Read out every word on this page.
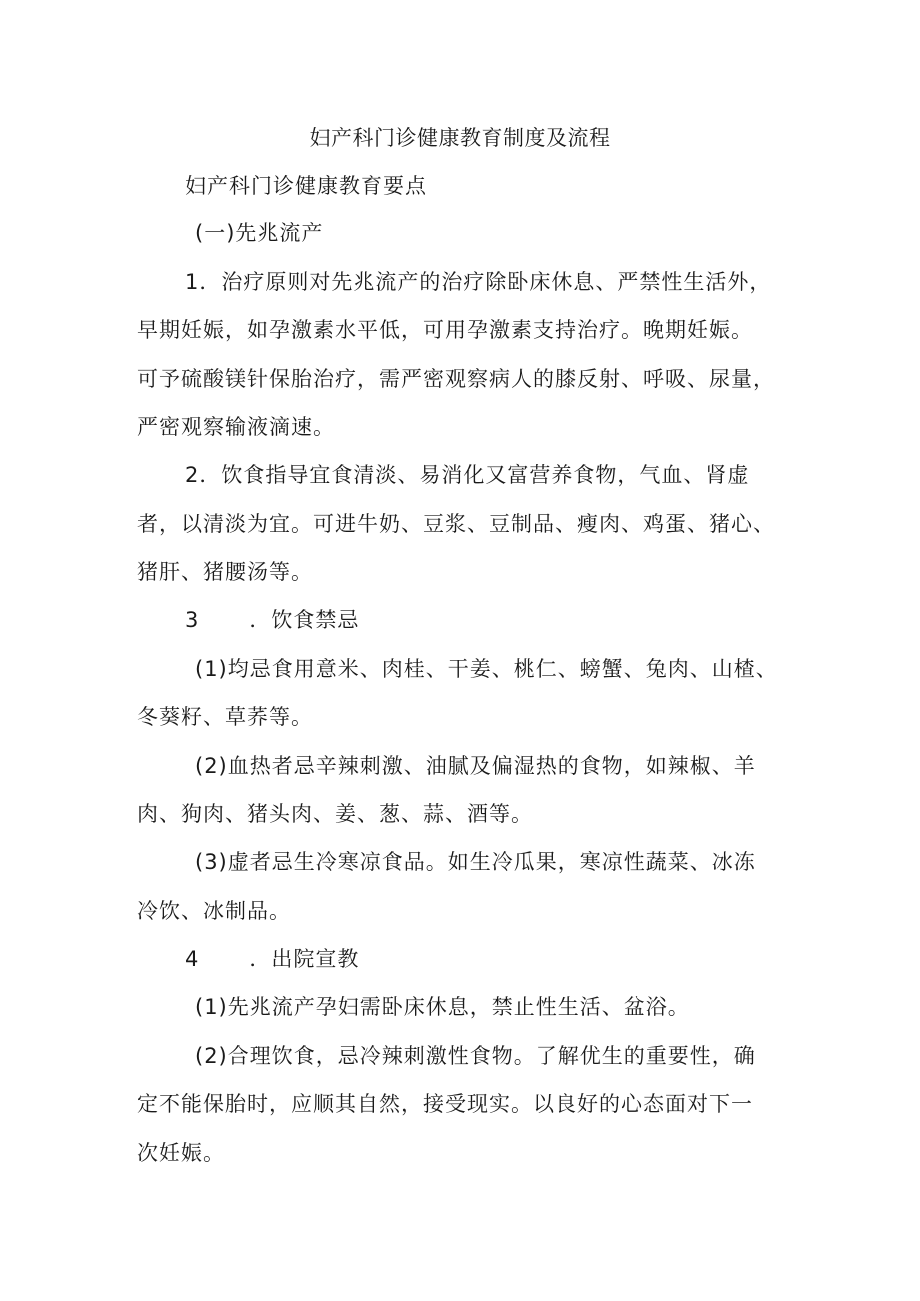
妇产科门诊健康教育制度及流程
妇产科门诊健康教育要点
(一)先兆流产
1．治疗原则对先兆流产的治疗除卧床休息、严禁性生活外，
早期妊娠，如孕激素水平低，可用孕激素支持治疗。晚期妊娠。
可予硫酸镁针保胎治疗，需严密观察病人的膝反射、呼吸、尿量，
严密观察输液滴速。
2．饮食指导宜食清淡、易消化又富营养食物，气血、肾虚
者，以清淡为宜。可进牛奶、豆浆、豆制品、瘦肉、鸡蛋、猪心、
猪肝、猪腰汤等。
3 ．饮食禁忌
(1)均忌食用意米、肉桂、干姜、桃仁、螃蟹、兔肉、山楂、
冬葵籽、草荞等。
(2)血热者忌辛辣刺激、油腻及偏湿热的食物，如辣椒、羊
肉、狗肉、猪头肉、姜、葱、蒜、酒等。
(3)虚者忌生冷寒凉食品。如生冷瓜果，寒凉性蔬菜、冰冻
冷饮、冰制品。
4 ．出院宣教
(1)先兆流产孕妇需卧床休息，禁止性生活、盆浴。
(2)合理饮食，忌冷辣刺激性食物。了解优生的重要性，确
定不能保胎时，应顺其自然，接受现实。以良好的心态面对下一
次妊娠。
